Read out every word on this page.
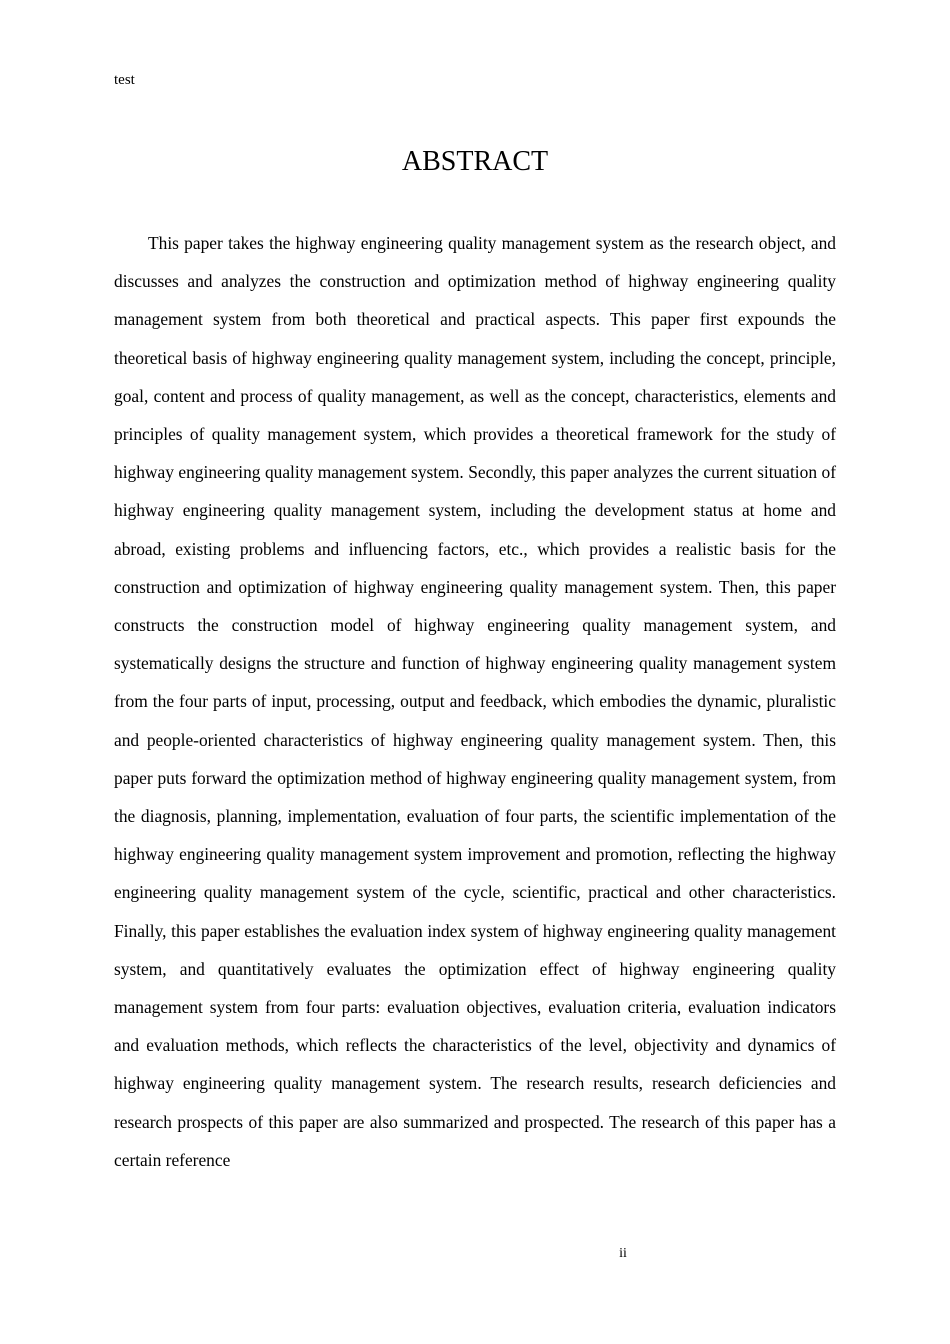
test
ABSTRACT

This paper takes the highway engineering quality management system as the research object, and discusses and analyzes the construction and optimization method of highway engineering quality management system from both theoretical and practical aspects. This paper first expounds the theoretical basis of highway engineering quality management system, including the concept, principle, goal, content and process of quality management, as well as the concept, characteristics, elements and principles of quality management system, which provides a theoretical framework for the study of highway engineering quality management system. Secondly, this paper analyzes the current situation of highway engineering quality management system, including the development status at home and abroad, existing problems and influencing factors, etc., which provides a realistic basis for the construction and optimization of highway engineering quality management system. Then, this paper constructs the construction model of highway engineering quality management system, and systematically designs the structure and function of highway engineering quality management system from the four parts of input, processing, output and feedback, which embodies the dynamic, pluralistic and people-oriented characteristics of highway engineering quality management system. Then, this paper puts forward the optimization method of highway engineering quality management system, from the diagnosis, planning, implementation, evaluation of four parts, the scientific implementation of the highway engineering quality management system improvement and promotion, reflecting the highway engineering quality management system of the cycle, scientific, practical and other characteristics. Finally, this paper establishes the evaluation index system of highway engineering quality management system, and quantitatively evaluates the optimization effect of highway engineering quality management system from four parts: evaluation objectives, evaluation criteria, evaluation indicators and evaluation methods, which reflects the characteristics of the level, objectivity and dynamics of highway engineering quality management system. The research results, research deficiencies and research prospects of this paper are also summarized and prospected. The research of this paper has a certain reference

ii
